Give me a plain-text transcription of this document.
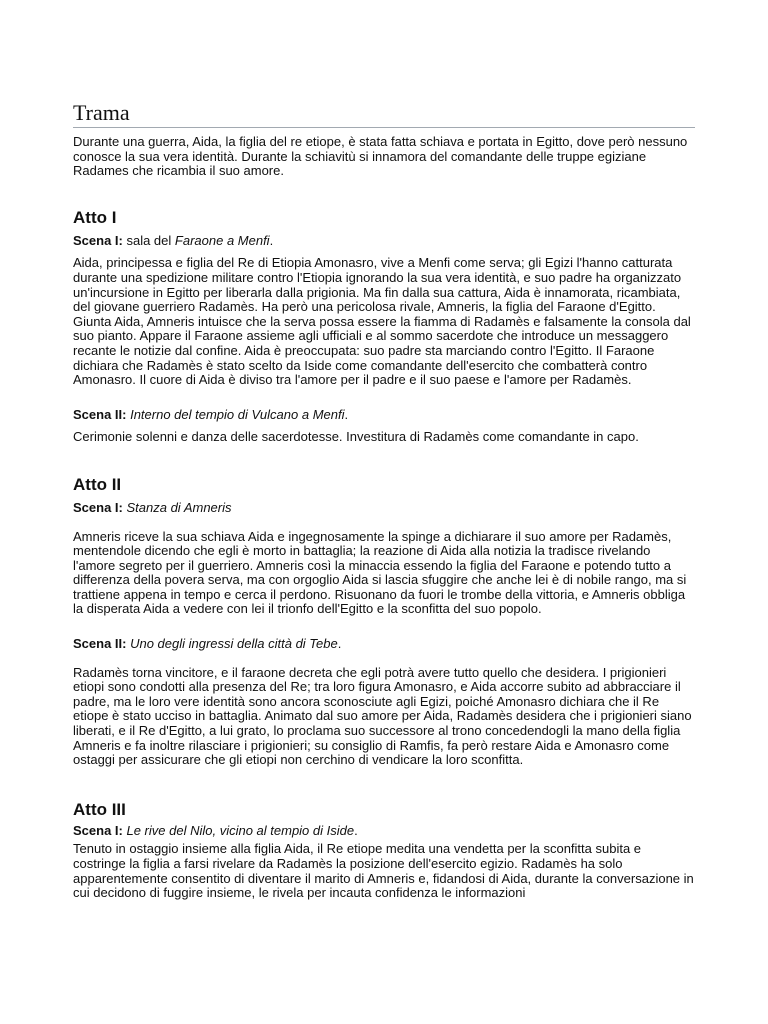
Trama

Durante una guerra, Aida, la figlia del re etiope, è stata fatta schiava e portata in Egitto, dove però nessuno conosce la sua vera identità. Durante la schiavitù si innamora del comandante delle truppe egiziane Radames che ricambia il suo amore.

Atto I

Scena I: sala del Faraone a Menfi.

Aida, principessa e figlia del Re di Etiopia Amonasro, vive a Menfi come serva; gli Egizi l'hanno catturata durante una spedizione militare contro l'Etiopia ignorando la sua vera identità, e suo padre ha organizzato un'incursione in Egitto per liberarla dalla prigionia. Ma fin dalla sua cattura, Aida è innamorata, ricambiata, del giovane guerriero Radamès. Ha però una pericolosa rivale, Amneris, la figlia del Faraone d'Egitto. Giunta Aida, Amneris intuisce che la serva possa essere la fiamma di Radamès e falsamente la consola dal suo pianto. Appare il Faraone assieme agli ufficiali e al sommo sacerdote che introduce un messaggero recante le notizie dal confine. Aida è preoccupata: suo padre sta marciando contro l'Egitto. Il Faraone dichiara che Radamès è stato scelto da Iside come comandante dell'esercito che combatterà contro Amonasro. Il cuore di Aida è diviso tra l'amore per il padre e il suo paese e l'amore per Radamès.

Scena II: Interno del tempio di Vulcano a Menfi.

Cerimonie solenni e danza delle sacerdotesse. Investitura di Radamès come comandante in capo.

Atto II

Scena I: Stanza di Amneris

Amneris riceve la sua schiava Aida e ingegnosamente la spinge a dichiarare il suo amore per Radamès, mentendole dicendo che egli è morto in battaglia; la reazione di Aida alla notizia la tradisce rivelando l'amore segreto per il guerriero. Amneris così la minaccia essendo la figlia del Faraone e potendo tutto a differenza della povera serva, ma con orgoglio Aida si lascia sfuggire che anche lei è di nobile rango, ma si trattiene appena in tempo e cerca il perdono. Risuonano da fuori le trombe della vittoria, e Amneris obbliga la disperata Aida a vedere con lei il trionfo dell'Egitto e la sconfitta del suo popolo.

Scena II: Uno degli ingressi della città di Tebe.

Radamès torna vincitore, e il faraone decreta che egli potrà avere tutto quello che desidera. I prigionieri etiopi sono condotti alla presenza del Re; tra loro figura Amonasro, e Aida accorre subito ad abbracciare il padre, ma le loro vere identità sono ancora sconosciute agli Egizi, poiché Amonasro dichiara che il Re etiope è stato ucciso in battaglia. Animato dal suo amore per Aida, Radamès desidera che i prigionieri siano liberati, e il Re d'Egitto, a lui grato, lo proclama suo successore al trono concedendogli la mano della figlia Amneris e fa inoltre rilasciare i prigionieri; su consiglio di Ramfis, fa però restare Aida e Amonasro come ostaggi per assicurare che gli etiopi non cerchino di vendicare la loro sconfitta.

Atto III

Scena I: Le rive del Nilo, vicino al tempio di Iside.

Tenuto in ostaggio insieme alla figlia Aida, il Re etiope medita una vendetta per la sconfitta subita e costringe la figlia a farsi rivelare da Radamès la posizione dell'esercito egizio. Radamès ha solo apparentemente consentito di diventare il marito di Amneris e, fidandosi di Aida, durante la conversazione in cui decidono di fuggire insieme, le rivela per incauta confidenza le informazioni
